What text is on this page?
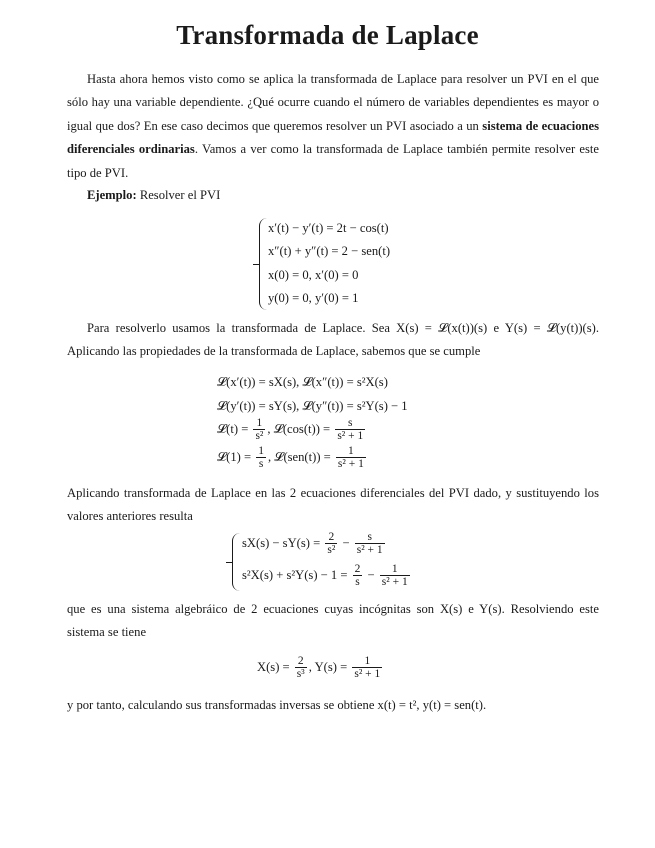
Transformada de Laplace

Hasta ahora hemos visto como se aplica la transformada de Laplace para resolver un PVI en el que sólo hay una variable dependiente. ¿Qué ocurre cuando el número de variables dependientes es mayor o igual que dos? En ese caso decimos que queremos resolver un PVI asociado a un sistema de ecuaciones diferenciales ordinarias. Vamos a ver como la transformada de Laplace también permite resolver este tipo de PVI.

Ejemplo: Resolver el PVI

x′(t) − y′(t) = 2t − cos(t)
x″(t) + y″(t) = 2 − sen(t)
x(0) = 0, x′(0) = 0
y(0) = 0, y′(0) = 1

Para resolverlo usamos la transformada de Laplace. Sea X(s) = 𝓛(x(t))(s) e Y(s) = 𝓛(y(t))(s). Aplicando las propiedades de la transformada de Laplace, sabemos que se cumple

𝓛(x′(t)) = sX(s), 𝓛(x″(t)) = s²X(s)
𝓛(y′(t)) = sY(s), 𝓛(y″(t)) = s²Y(s) − 1
𝓛(t) = $\frac{1}{\text{s²}}$ , 𝓛(cos(t)) = $\frac{s}{\text{s² + 1}}$
𝓛(1) = $\frac{1}{s}$ , 𝓛(sen(t)) = $\frac{1}{\text{s² + 1}}$

Aplicando transformada de Laplace en las 2 ecuaciones diferenciales del PVI dado, y sustituyendo los valores anteriores resulta

$sX(s) - sY(s) = \frac{2}{\text{s²}} - \frac{s}{\text{s² + 1}}$
$s^2X(s) + s^2Y(s) - 1 = \frac{2}{s} - \frac{1}{\text{s² + 1}}$

que es una sistema algebráico de 2 ecuaciones cuyas incógnitas son X(s) e Y(s). Resolviendo este sistema se tiene

$X(s) = \frac{2}{\text{s³}}$ , $Y(s) = \frac{1}{\text{s² + 1}}$

y por tanto, calculando sus transformadas inversas se obtiene x(t) = t², y(t) = sen(t).
